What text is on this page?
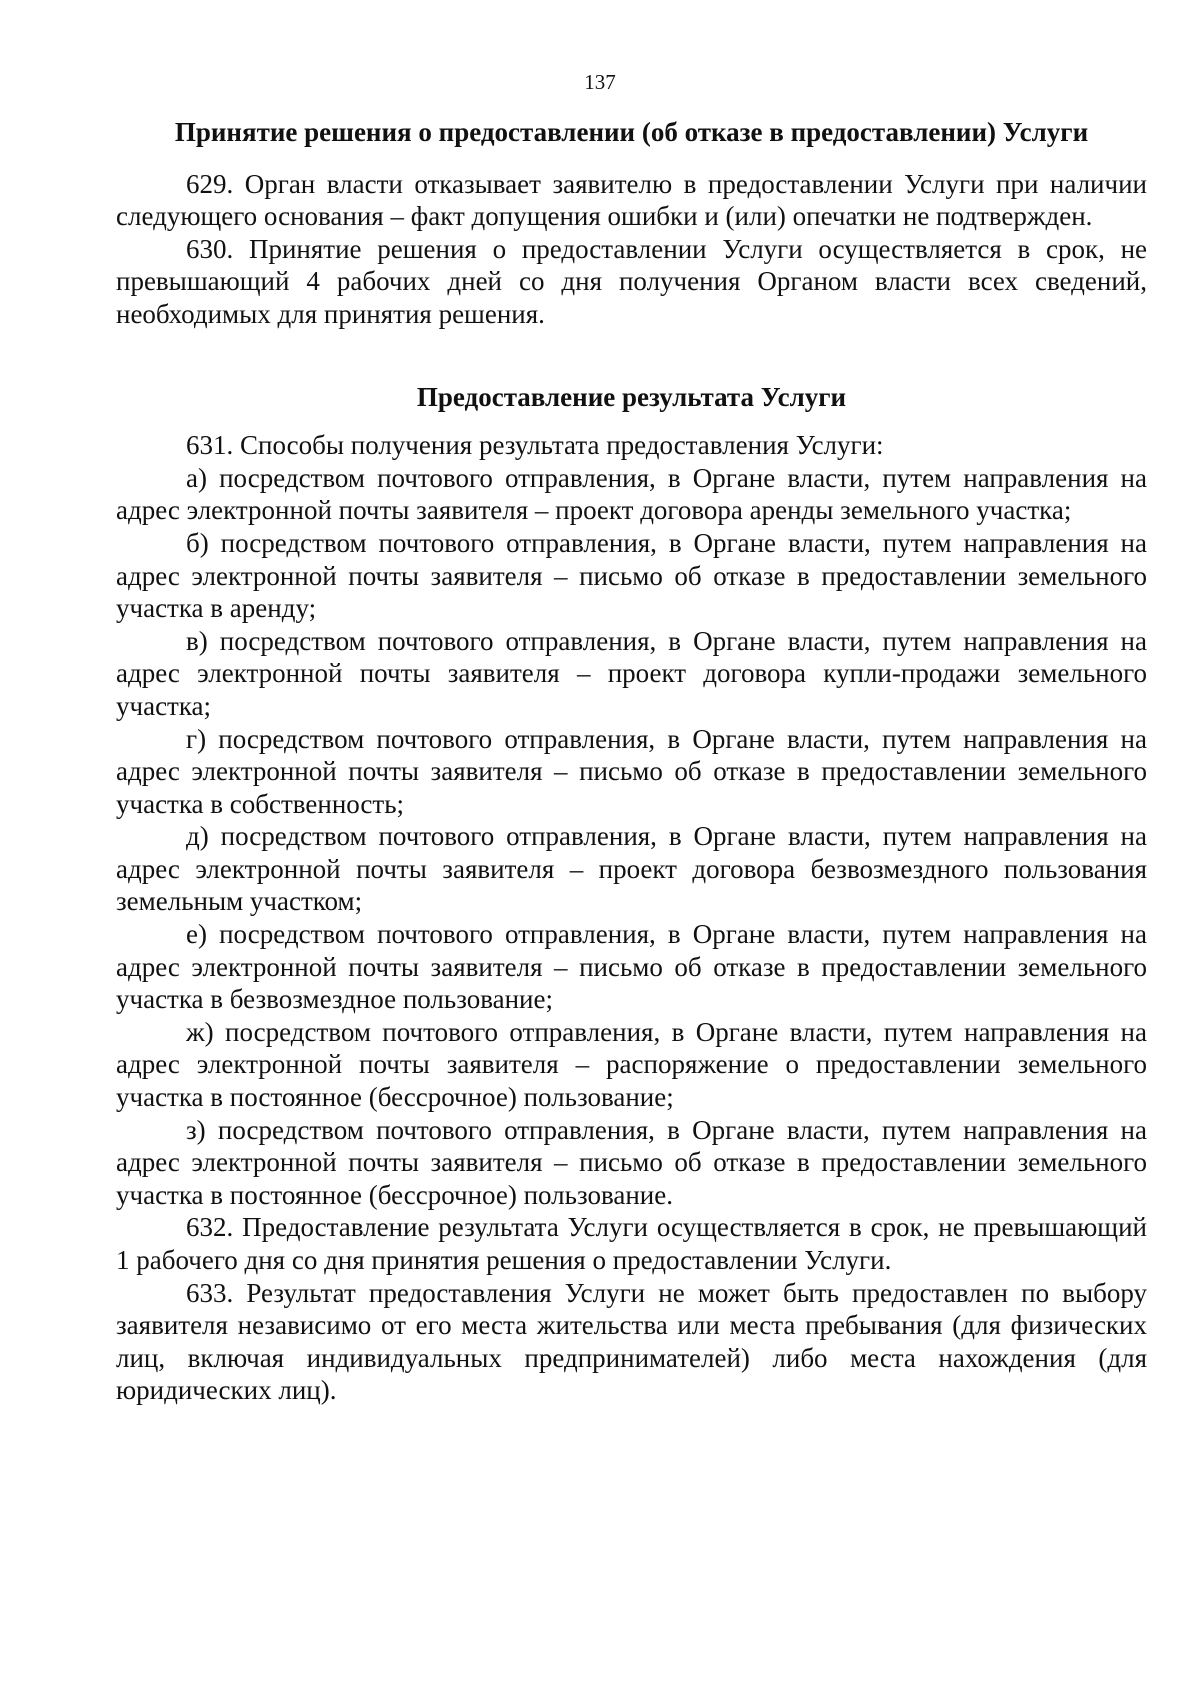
137
Принятие решения о предоставлении (об отказе в предоставлении) Услуги

629. Орган власти отказывает заявителю в предоставлении Услуги при наличии следующего основания – факт допущения ошибки и (или) опечатки не подтвержден.

630. Принятие решения о предоставлении Услуги осуществляется в срок, не превышающий 4 рабочих дней со дня получения Органом власти всех сведений, необходимых для принятия решения.

Предоставление результата Услуги

631. Способы получения результата предоставления Услуги:

а) посредством почтового отправления, в Органе власти, путем направления на адрес электронной почты заявителя – проект договора аренды земельного участка;

б) посредством почтового отправления, в Органе власти, путем направления на адрес электронной почты заявителя – письмо об отказе в предоставлении земельного участка в аренду;

в) посредством почтового отправления, в Органе власти, путем направления на адрес электронной почты заявителя – проект договора купли-продажи земельного участка;

г) посредством почтового отправления, в Органе власти, путем направления на адрес электронной почты заявителя – письмо об отказе в предоставлении земельного участка в собственность;

д) посредством почтового отправления, в Органе власти, путем направления на адрес электронной почты заявителя – проект договора безвозмездного пользования земельным участком;

е) посредством почтового отправления, в Органе власти, путем направления на адрес электронной почты заявителя – письмо об отказе в предоставлении земельного участка в безвозмездное пользование;

ж) посредством почтового отправления, в Органе власти, путем направления на адрес электронной почты заявителя – распоряжение о предоставлении земельного участка в постоянное (бессрочное) пользование;

з) посредством почтового отправления, в Органе власти, путем направления на адрес электронной почты заявителя – письмо об отказе в предоставлении земельного участка в постоянное (бессрочное) пользование.

632. Предоставление результата Услуги осуществляется в срок, не превышающий 1 рабочего дня со дня принятия решения о предоставлении Услуги.

633. Результат предоставления Услуги не может быть предоставлен по выбору заявителя независимо от его места жительства или места пребывания (для физических лиц, включая индивидуальных предпринимателей) либо места нахождения (для юридических лиц).
